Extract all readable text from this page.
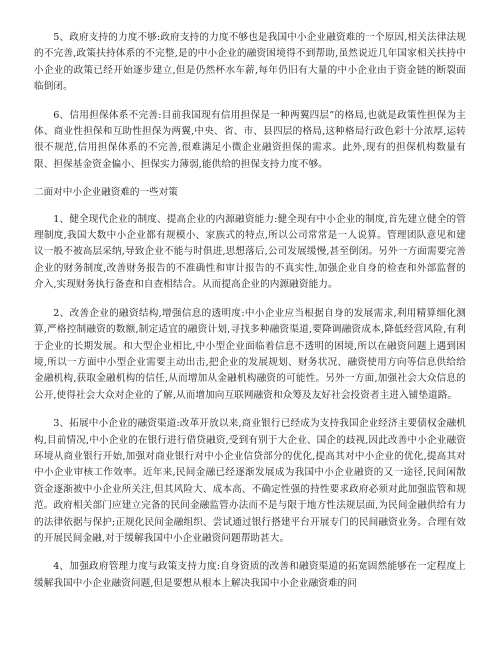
5、政府支持的力度不够:政府支持的力度不够也是我国中小企业融资难的一个原因,相关法律法规的不完善,政策扶持体系的不完整,是的中小企业的融资困境得不到帮助,虽然说近几年国家相关扶持中小企业的政策已经开始逐步建立,但是仍然杯水车薪,每年仍旧有大量的中小企业由于资金链的断裂面临倒闭。

6、信用担保体系不完善:目前我国现有信用担保是一种两翼四层”的格局,也就是政策性担保为主体、商业性担保和互助性担保为两翼,中央、省、市、县四层的格局,这种格局行政色彩十分浓厚,运转很不规范,信用担保体系的不完善,很难满足小微企业融资担保的需求。此外,现有的担保机构数量有限、担保基金资金偏小、担保实力薄弱,能供给的担保支持力度不够。

二面对中小企业融资难的一些对策

1、健全现代企业的制度、提高企业的内源融资能力:健全现有中小企业的制度,首先建立健全的管理制度,我国大数中小企业都有规模小、家族式的特点,所以公司常常是一人说算。管理团队意见和建议一般不被高层采纳,导致企业不能与时俱进,思想落后,公司发展缓慢,甚至倒闭。另外一方面需要完善企业的财务制度,改善财务报告的不准确性和审计报告的不真实性,加强企业自身的检查和外部监督的介入,实现财务执行备查和自查相结合。从而提高企业的内源融资能力。

2、改善企业的融资结构,增强信息的透明度:中小企业应当根据自身的发展需求,利用精算细化测算,严格控制融资的数额,制定适宜的融资计划,寻找多种融资渠道,要降调融资成本,降低经营风险,有利于企业的长期发展。和大型企业相比,中小型企业面临着信息不透明的困境,所以在融资问题上遇到困境,所以一方面中小型企业需要主动出击,把企业的发展规划、财务状况、融资使用方向等信息供给给金融机构,获取金融机构的信任,从而增加从金融机构融资的可能性。另外一方面,加强社会大众信息的公开,使得社会大众对企业的了解,从而增加向互联网融资和众筹及友好社会投资者主进入铺垫道路。

3、拓展中小企业的融资渠道:改革开放以来,商业银行已经成为支持我国企业经济主要债权金融机构,目前情况,中小企业的在银行进行借贷融资,受到有别于大企业、国企的歧视,因此改善中小企业融资环境从商业银行开始,加强对商业银行对中小企业信贷部分的优化,提高其对中小企业的优化,提高其对中小企业审核工作效率。近年来,民间金融已经逐渐发展成为我国中小企业融资的又一途径,民间闲散资金逐渐被中小企业所关注,但其风险大、成本高、不确定性强的持性要求政府必须对此加强监管和规范。政府相关部门应建立完备的民间金融监管办法而不是与限于地方性法规层面,为民间金融供给有力的法律依据与保护;正规化民间金融组织、尝试通过银行搭建平台开展专门的民间融资业务。合理有效的开展民间金融,对于缓解我国中小企业融资问题帮助甚大。

4、加强政府管理力度与政策支持力度:自身资质的改善和融资渠道的拓宽固然能够在一定程度上缓解我国中小企业融资问题,但是要想从根本上解决我国中小企业融资难的问
